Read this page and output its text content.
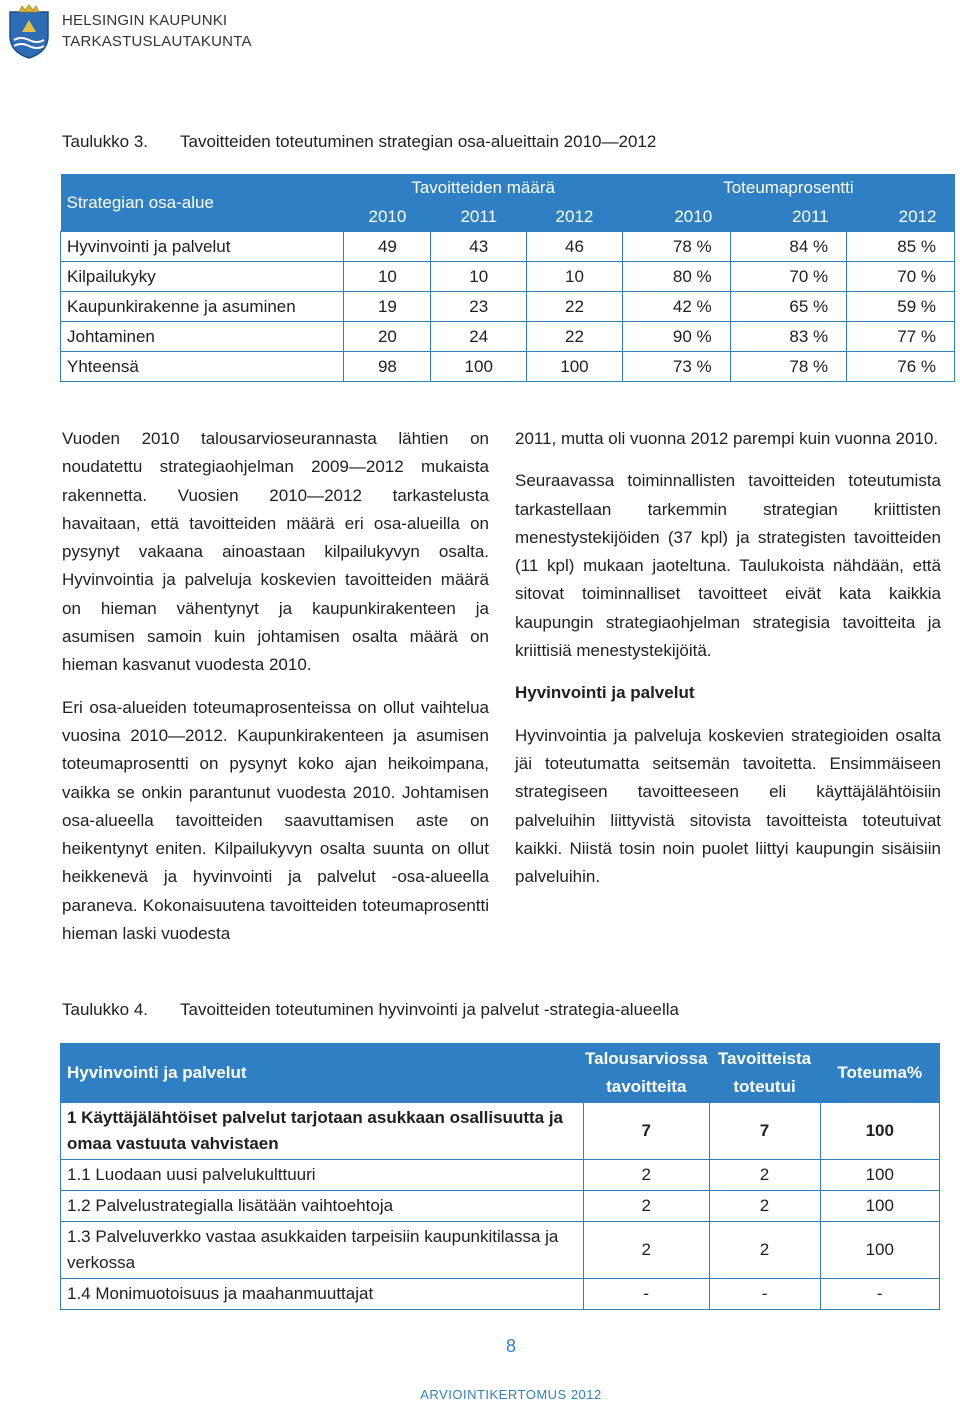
HELSINGIN KAUPUNKI
TARKASTUSLAUTAKUNTA
Taulukko 3. Tavoitteiden toteutuminen strategian osa-alueittain 2010—2012
Strategian osa-alue	Tavoitteiden määrä			Toteumaprosentti		
	2010	2011	2012	2010	2011	2012
Hyvinvointi ja palvelut	49	43	46	78 %	84 %	85 %
Kilpailukyky	10	10	10	80 %	70 %	70 %
Kaupunkirakenne ja asuminen	19	23	22	42 %	65 %	59 %
Johtaminen	20	24	22	90 %	83 %	77 %
Yhteensä	98	100	100	73 %	78 %	76 %

Vuoden 2010 talousarvioseurannasta lähtien on noudatettu strategiaohjelman 2009—2012 mukaista rakennetta. Vuosien 2010—2012 tarkastelusta havaitaan, että tavoitteiden määrä eri osa-alueilla on pysynyt vakaana ainoastaan kilpailukyvyn osalta. Hyvinvointia ja palveluja koskevien tavoitteiden määrä on hieman vähentynyt ja kaupunkirakenteen ja asumisen samoin kuin johtamisen osalta määrä on hieman kasvanut vuodesta 2010.

Eri osa-alueiden toteumaprosenteissa on ollut vaihtelua vuosina 2010—2012. Kaupunkirakenteen ja asumisen toteumaprosentti on pysynyt koko ajan heikoimpana, vaikka se onkin parantunut vuodesta 2010. Johtamisen osa-alueella tavoitteiden saavuttamisen aste on heikentynyt eniten. Kilpailukyvyn osalta suunta on ollut heikkenevä ja hyvinvointi ja palvelut -osa-alueella paraneva. Kokonaisuutena tavoitteiden toteumaprosentti hieman laski vuodesta

2011, mutta oli vuonna 2012 parempi kuin vuonna 2010.

Seuraavassa toiminnallisten tavoitteiden toteutumista tarkastellaan tarkemmin strategian kriittisten menestystekijöiden (37 kpl) ja strategisten tavoitteiden (11 kpl) mukaan jaoteltuna. Taulukoista nähdään, että sitovat toiminnalliset tavoitteet eivät kata kaikkia kaupungin strategiaohjelman strategisia tavoitteita ja kriittisiä menestystekijöitä.

Hyvinvointi ja palvelut

Hyvinvointia ja palveluja koskevien strategioiden osalta jäi toteutumatta seitsemän tavoitetta. Ensimmäiseen strategiseen tavoitteeseen eli käyttäjälähtöisiin palveluihin liittyvistä sitovista tavoitteista toteutuivat kaikki. Niistä tosin noin puolet liittyi kaupungin sisäisiin palveluihin.

Taulukko 4. Tavoitteiden toteutuminen hyvinvointi ja palvelut -strategia-alueella
Hyvinvointi ja palvelut	Talousarviossa tavoitteita	Tavoitteista toteutui	Toteuma%
1 Käyttäjälähtöiset palvelut tarjotaan asukkaan osallisuutta ja omaa vastuuta vahvistaen	7	7	100
1.1 Luodaan uusi palvelukulttuuri	2	2	100
1.2 Palvelustrategialla lisätään vaihtoehtoja	2	2	100
1.3 Palveluverkko vastaa asukkaiden tarpeisiin kaupunkitilassa ja verkossa	2	2	100
1.4 Monimuotoisuus ja maahanmuuttajat	-	-	-
8
ARVIOINTIKERTOMUS 2012
